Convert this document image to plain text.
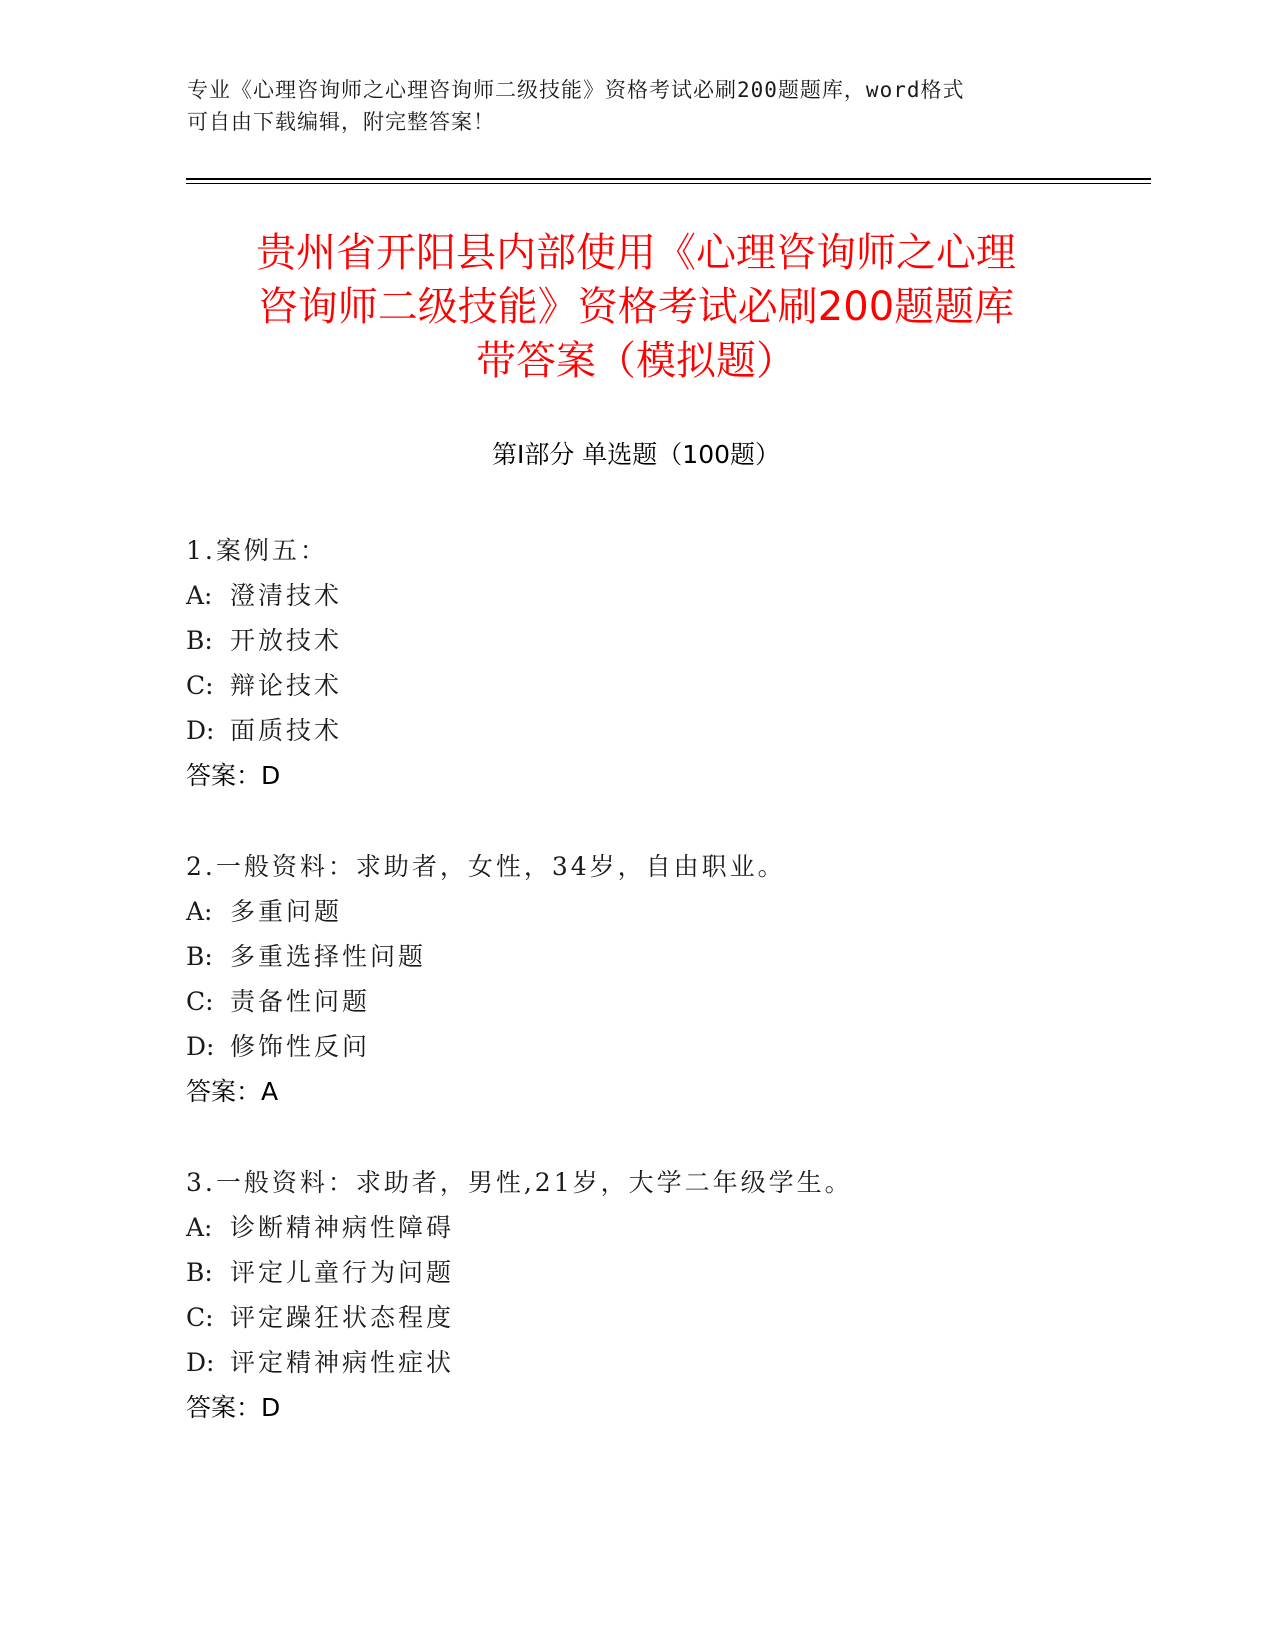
专业《心理咨询师之心理咨询师二级技能》资格考试必刷200题题库，word格式
可自由下载编辑，附完整答案！
贵州省开阳县内部使用《心理咨询师之心理
咨询师二级技能》资格考试必刷200题题库
带答案（模拟题）
第Ⅰ部分 单选题（100题）
1.案例五：
A: 澄清技术
B: 开放技术
C: 辩论技术
D: 面质技术
答案：D
2.一般资料：求助者，女性，34岁，自由职业。
A: 多重问题
B: 多重选择性问题
C: 责备性问题
D: 修饰性反问
答案：A
3.一般资料：求助者，男性,21岁，大学二年级学生。
A: 诊断精神病性障碍
B: 评定儿童行为问题
C: 评定躁狂状态程度
D: 评定精神病性症状
答案：D
